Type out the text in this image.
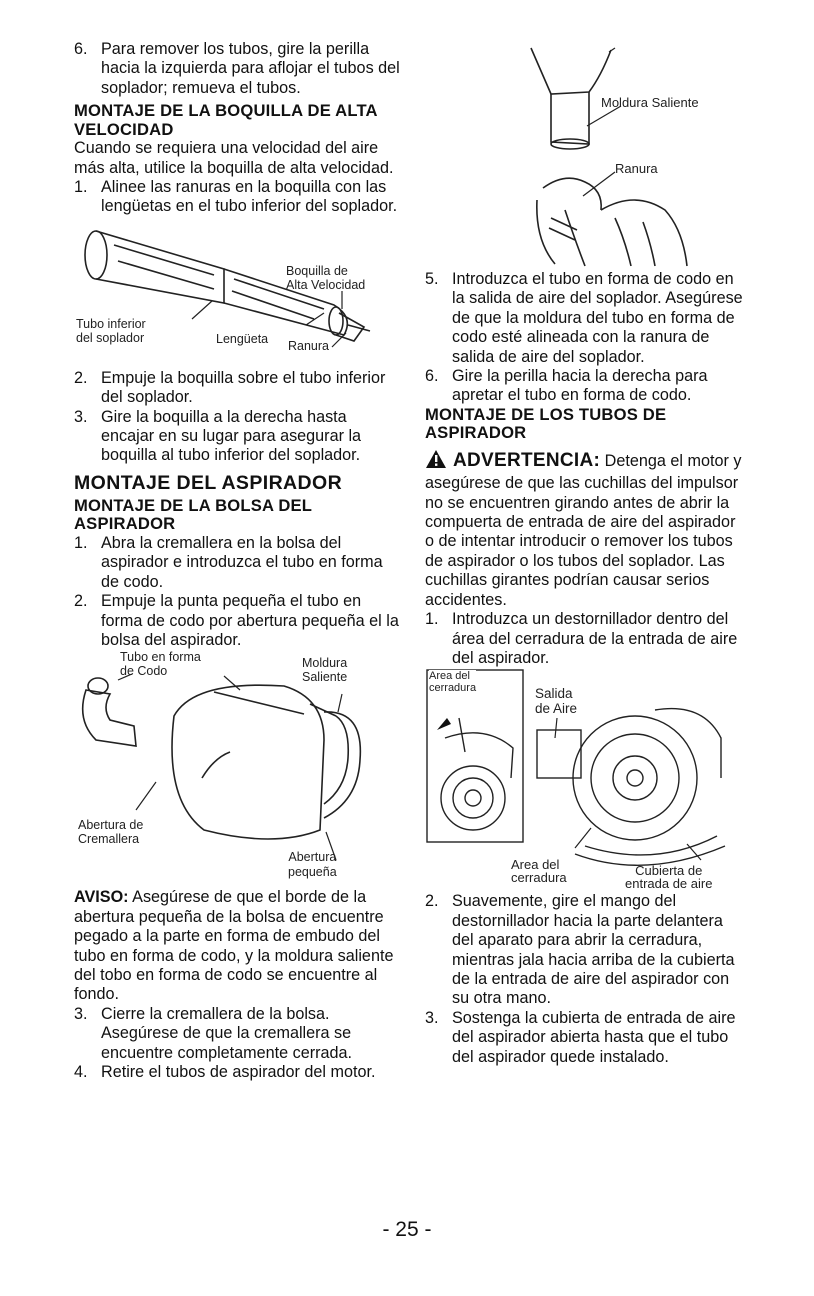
6. Para remover los tubos, gire la perilla hacia la izquierda para aflojar el tubos del soplador; remueva el tubos.
MONTAJE DE LA BOQUILLA DE ALTA VELOCIDAD

Cuando se requiera una velocidad del aire más alta, utilice la boquilla de alta velocidad.

1. Alinee las ranuras en la boquilla con las lengüetas en el tubo inferior del soplador.
Boquilla de
Alta Velocidad
Tubo inferior
del soplador	Lengüeta Ranura
2. Empuje la boquilla sobre el tubo inferior del soplador.
3. Gire la boquilla a la derecha hasta encajar en su lugar para asegurar la boquilla al tubo inferior del soplador.
MONTAJE DEL ASPIRADOR
MONTAJE DE LA BOLSA DEL ASPIRADOR
1. Abra la cremallera en la bolsa del aspirador e introduzca el tubo en forma de codo.
2. Empuje la punta pequeña el tubo en forma de codo por abertura pequeña el la bolsa del aspirador.
Tubo en forma
de Codo
Moldura
Saliente
Abertura de
Cremallera
Abertura
pequeña

AVISO: Asegúrese de que el borde de la abertura pequeña de la bolsa de encuentre pegado a la parte en forma de embudo del tubo en forma de codo, y la moldura saliente del tobo en forma de codo se encuentre al fondo.

3. Cierre la cremallera de la bolsa. Asegúrese de que la cremallera se encuentre completamente cerrada.
4. Retire el tubos de aspirador del motor.
Moldura Saliente
Ranura
5. Introduzca el tubo en forma de codo en la salida de aire del soplador. Asegúrese de que la moldura del tubo en forma de codo esté alineada con la ranura de salida de aire del soplador.
6. Gire la perilla hacia la derecha para apretar el tubo en forma de codo.
MONTAJE DE LOS TUBOS DE ASPIRADOR

ADVERTENCIA: Detenga el motor y asegúrese de que las cuchillas del impulsor no se encuentren girando antes de abrir la compuerta de entrada de aire del aspirador o de intentar introducir o remover los tubos de aspirador o los tubos del soplador. Las cuchillas girantes podrían causar serios accidentes.

1. Introduzca un destornillador dentro del área del cerradura de la entrada de aire del aspirador.
Area del
cerradura	Salida
de Aire
Area del
cerradura	Cubierta de
entrada de aire
2. Suavemente, gire el mango del destornillador hacia la parte delantera del aparato para abrir la cerradura, mientras jala hacia arriba de la cubierta de la entrada de aire del aspirador con su otra mano.
3. Sostenga la cubierta de entrada de aire del aspirador abierta hasta que el tubo del aspirador quede instalado.
- 25 -
